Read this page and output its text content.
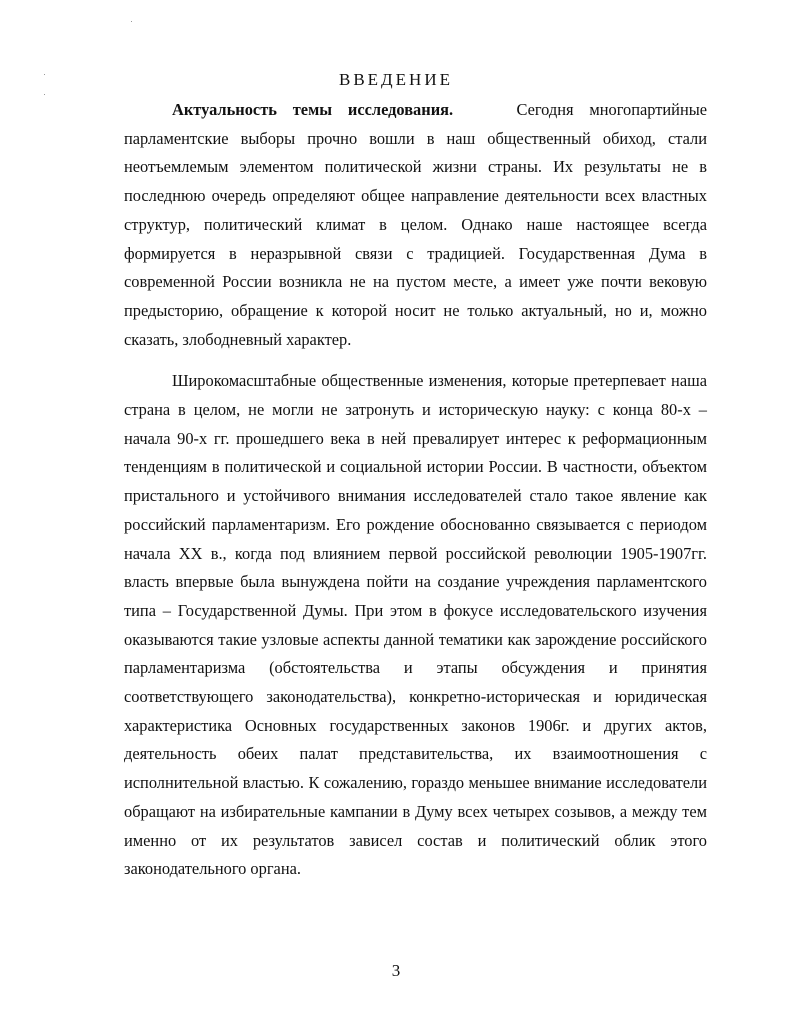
ВВЕДЕНИЕ

Актуальность темы исследования.	Сегодня многопартийные парламентские выборы прочно вошли в наш общественный обиход, стали неотъемлемым элементом политической жизни страны. Их результаты не в последнюю очередь определяют общее направление деятельности всех властных структур, политический климат в целом. Однако наше настоящее всегда формируется в неразрывной связи с традицией. Государственная Дума в современной России возникла не на пустом месте, а имеет уже почти вековую предысторию, обращение к которой носит не только актуальный, но и, можно сказать, злободневный характер.

Широкомасштабные общественные изменения, которые претерпевает наша страна в целом, не могли не затронуть и историческую науку: с конца 80-х – начала 90-х гг. прошедшего века в ней превалирует интерес к реформационным тенденциям в политической и социальной истории России. В частности, объектом пристального и устойчивого внимания исследователей стало такое явление как российский парламентаризм. Его рождение обоснованно связывается с периодом начала XX в., когда под влиянием первой российской революции 1905-1907гг. власть впервые была вынуждена пойти на создание учреждения парламентского типа – Государственной Думы. При этом в фокусе исследовательского изучения оказываются такие узловые аспекты данной тематики как зарождение российского парламентаризма (обстоятельства и этапы обсуждения и принятия соответствующего законодательства), конкретно-историческая и юридическая характеристика Основных государственных законов 1906г. и других актов, деятельность обеих палат представительства, их взаимоотношения с исполнительной властью. К сожалению, гораздо меньшее внимание исследователи обращают на избирательные кампании в Думу всех четырех созывов, а между тем именно от их результатов зависел состав и политический облик этого законодательного органа.

3
